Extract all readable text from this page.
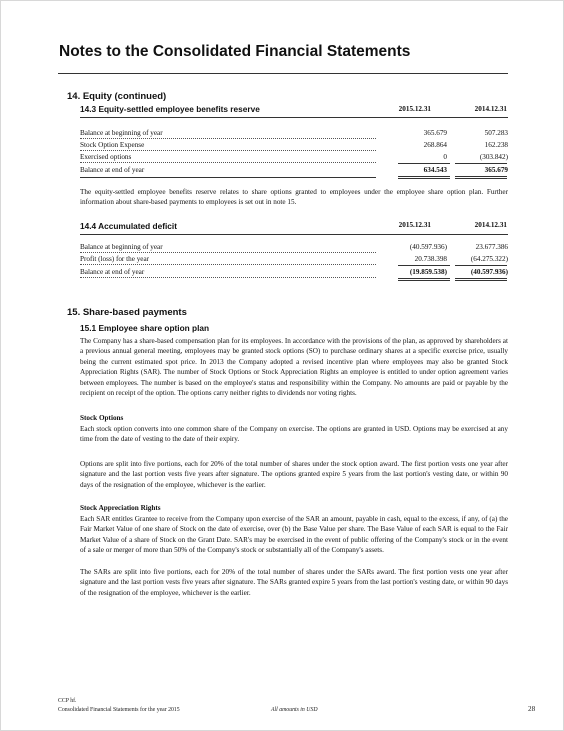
Notes to the Consolidated Financial Statements
14. Equity (continued)
14.3 Equity-settled employee benefits reserve	2015.12.31	2014.12.31
Balance at beginning of year	365.679	507.283
Stock Option Expense	268.864	162.238
Exercised options	0	(303.842)
Balance at end of year	634.543	365.679
The equity-settled employee benefits reserve relates to share options granted to employees under the employee share option plan. Further information about share-based payments to employees is set out in note 15.
14.4 Accumulated deficit	2015.12.31	2014.12.31
Balance at beginning of year	(40.597.936)	23.677.386
Profit (loss) for the year	20.738.398	(64.275.322)
Balance at end of year	(19.859.538)	(40.597.936)
15. Share-based payments
15.1 Employee share option plan
The Company has a share-based compensation plan for its employees. In accordance with the provisions of the plan, as approved by shareholders at a previous annual general meeting, employees may be granted stock options (SO) to purchase ordinary shares at a specific exercise price, usually being the current estimated spot price. In 2013 the Company adopted a revised incentive plan where employees may also be granted Stock Appreciation Rights (SAR). The number of Stock Options or Stock Appreciation Rights an employee is entitled to under option agreement varies between employees. The number is based on the employee's status and responsibility within the Company. No amounts are paid or payable by the recipient on receipt of the option. The options carry neither rights to dividends nor voting rights.
Stock Options
Each stock option converts into one common share of the Company on exercise. The options are granted in USD. Options may be exercised at any time from the date of vesting to the date of their expiry.
Options are split into five portions, each for 20% of the total number of shares under the stock option award. The first portion vests one year after signature and the last portion vests five years after signature. The options granted expire 5 years from the last portion's vesting date, or within 90 days of the resignation of the employee, whichever is the earlier.
Stock Appreciation Rights
Each SAR entitles Grantee to receive from the Company upon exercise of the SAR an amount, payable in cash, equal to the excess, if any, of (a) the Fair Market Value of one share of Stock on the date of exercise, over (b) the Base Value per share. The Base Value of each SAR is equal to the Fair Market Value of a share of Stock on the Grant Date. SAR's may be exercised in the event of public offering of the Company's stock or in the event of a sale or merger of more than 50% of the Company's stock or substantially all of the Company's assets.
The SARs are split into five portions, each for 20% of the total number of shares under the SARs award. The first portion vests one year after signature and the last portion vests five years after signature. The SARs granted expire 5 years from the last portion's vesting date, or within 90 days of the resignation of the employee, whichever is the earlier.
CCP hf.
Consolidated Financial Statements for the year 2015	All amounts in USD	28
